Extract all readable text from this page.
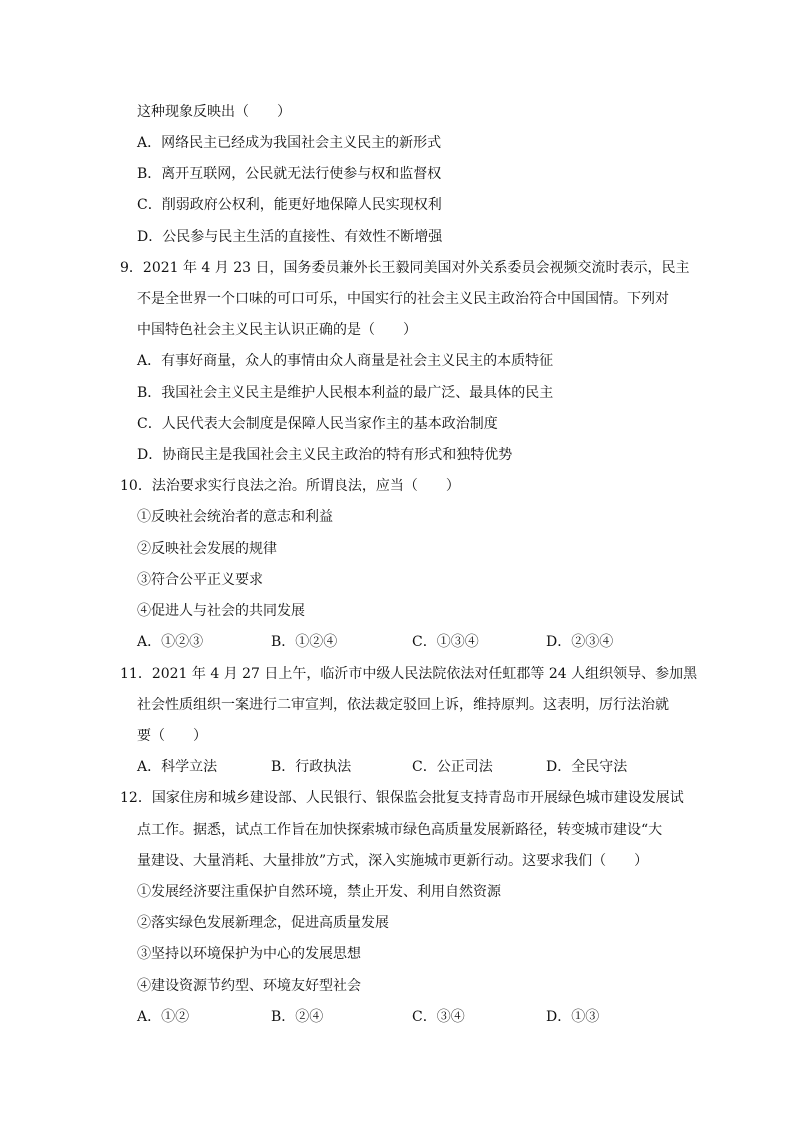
这种现象反映出（　　）
A．网络民主已经成为我国社会主义民主的新形式
B．离开互联网，公民就无法行使参与权和监督权
C．削弱政府公权利，能更好地保障人民实现权利
D．公民参与民主生活的直接性、有效性不断增强
9．2021 年 4 月 23 日，国务委员兼外长王毅同美国对外关系委员会视频交流时表示，民主
不是全世界一个口味的可口可乐，中国实行的社会主义民主政治符合中国国情。下列对
中国特色社会主义民主认识正确的是（　　）
A．有事好商量，众人的事情由众人商量是社会主义民主的本质特征
B．我国社会主义民主是维护人民根本利益的最广泛、最具体的民主
C．人民代表大会制度是保障人民当家作主的基本政治制度
D．协商民主是我国社会主义民主政治的特有形式和独特优势
10．法治要求实行良法之治。所谓良法，应当（　　）
①反映社会统治者的意志和利益
②反映社会发展的规律
③符合公平正义要求
④促进人与社会的共同发展
A．①②③	B．①②④	C．①③④	D．②③④
11．2021 年 4 月 27 日上午，临沂市中级人民法院依法对任虹郡等 24 人组织领导、参加黑
社会性质组织一案进行二审宣判，依法裁定驳回上诉，维持原判。这表明，厉行法治就
要（　　）
A．科学立法	B．行政执法	C．公正司法	D．全民守法
12．国家住房和城乡建设部、人民银行、银保监会批复支持青岛市开展绿色城市建设发展试
点工作。据悉，试点工作旨在加快探索城市绿色高质量发展新路径，转变城市建设“大
量建设、大量消耗、大量排放”方式，深入实施城市更新行动。这要求我们（　　）
①发展经济要注重保护自然环境，禁止开发、利用自然资源
②落实绿色发展新理念，促进高质量发展
③坚持以环境保护为中心的发展思想
④建设资源节约型、环境友好型社会
A．①②	B．②④	C．③④	D．①③
